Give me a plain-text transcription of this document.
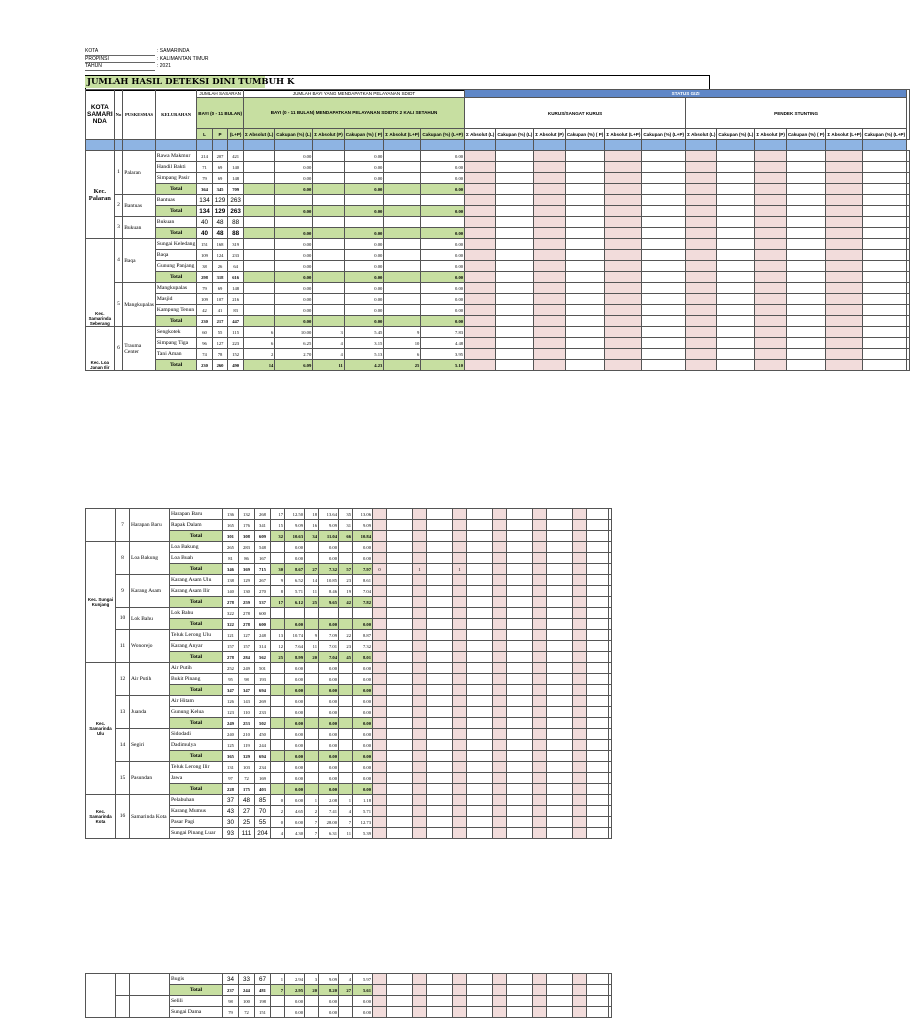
KOTA	: SAMARINDA
PROPINSI	: KALIMANTAN TIMUR
TAHUN	: 2021
JUMLAH HASIL DETEKSI DINI TUMBUH K
KOTA SAMARI NDA	No	PUSKESMAS	KELURAHAN	JUMLAH SASARAN			JUMLAH BAYI YANG MENDAPATKAN PELAYANAN SDIDT						STATUS GIZI												
				BAYI (0 - 11 BULAN)			BAYI (0 - 11 BULAN) MENDAPATKAN PELAYANAN SDIDTK 2 KALI SETAHUN						KURUS/SANGAT KURUS						PENDEK STUNTING						
				L	P	(L+P)	Σ Absolut (L)	Cakupan (%) (L)	Σ Absolut (P)	Cakupan (%) ( P)	Σ Absolut (L+P)	Cakupan (%) (L+P)	Σ Absolut (L)	Cakupan (%) (L)	Σ Absolut (P)	Cakupan (%) ( P)	Σ Absolut (L+P)	Cakupan (%) (L+P)	Σ Absolut (L)	Cakupan (%) (L)	Σ Absolut (P)	Cakupan (%) ( P)	Σ Absolut (L+P)	Cakupan (%) (L+P)	

Kec. Palaran	1	Palaran	Rawa Makmur	214	207	421		0.00		0.00		0.00													
			Handil Bakti	71	69	140		0.00		0.00		0.00													
			Simpang Pasir	79	69	148		0.00		0.00		0.00													
			Total	364	345	709		0.00		0.00		0.00													
	2	Bantuas	Bantuas	134	129	263																			
			Total	134	129	263		0.00		0.00		0.00													
	3	Bukuan	Bukuan	40	48	88																			
			Total	40	48	88		0.00		0.00		0.00													
Kec. Samarinda Seberang	4	Baqa	Sungai Keledang	151	168	319		0.00		0.00		0.00													
			Baqa	109	124	233		0.00		0.00		0.00													
			Gunung Panjang	38	26	64		0.00		0.00		0.00													
			Total	298	318	616		0.00		0.00		0.00													
	5	Mangkupalas	Mangkupalas	79	69	148		0.00		0.00		0.00													
			Masjid	109	107	216		0.00		0.00		0.00													
			Kampung Tenun	42	41	83		0.00		0.00		0.00													
			Total	230	217	447		0.00		0.00		0.00													
Kec. Loa Janan Ilir	6	Trauma Center	Sengkotek	60	55	115	6	10.00	3	5.45	9	7.83													
			Simpang Tiga	96	127	223	6	6.25	4	3.15	10	4.48													
			Tani Aman	74	78	152	2	2.70	4	5.13	6	3.95													
			Total	230	260	490	14	6.09	11	4.23	25	5.10													
	7	Harapan Baru	Harapan Baru	136	132	268	17	12.50	18	13.64	35	13.06													
			Rapak Dalam	165	176	341	15	9.09	16	9.09	31	9.09													
			Total	301	308	609	32	10.63	34	11.04	66	10.84													
Kec. Sungai Kunjang	8	Loa Bakung	Loa Bakung	265	283	548		0.00		0.00		0.00													
			Loa Buah	81	86	167		0.00		0.00		0.00													
			Total	346	369	715	30	8.67	27	7.32	57	7.97	0		1		1								
	9	Karang Asam	Karang Asam Ulu	138	129	267	9	6.52	14	10.85	23	8.61													
			Karang Asam Ilir	140	130	270	8	5.71	11	8.46	19	7.04													
			Total	278	259	537	17	6.12	25	9.65	42	7.82													
	10	Lok Bahu	Lok Bahu	322	278	600																			
			Total	322	278	600		0.00		0.00		0.00													
	11	Wonorejo	Teluk Lerong Ulu	121	127	248	13	10.74	9	7.09	22	8.87													
			Karang Anyar	157	157	314	12	7.64	11	7.01	23	7.32													
			Total	278	284	562	25	8.99	20	7.04	45	8.01													
Kec. Samarinda Ulu	12	Air Putih	Air Putih	252	249	501		0.00		0.00		0.00													
			Bukit Pinang	95	98	193		0.00		0.00		0.00													
			Total	347	347	694		0.00		0.00		0.00													
	13	Juanda	Air Hitam	126	143	269		0.00		0.00		0.00													
			Gunung Kelua	123	110	233		0.00		0.00		0.00													
			Total	249	253	502		0.00		0.00		0.00													
	14	Segiri	Sidodadi	240	210	450		0.00		0.00		0.00													
			Dadimulya	125	119	244		0.00		0.00		0.00													
			Total	365	329	694		0.00		0.00		0.00													
	15	Pasundan	Teluk Lerong Ilir	131	103	234		0.00		0.00		0.00													
			Jawa	97	72	169		0.00		0.00		0.00													
			Total	228	175	403		0.00		0.00		0.00													
Kec. Samarinda Kota	16	Samarinda Kota	Pelabuhan	37	48	85	0	0.00	1	2.08	1	1.18													
			Karang Mumus	43	27	70	2	4.65	2	7.41	4	5.71													
			Pasar Pagi	30	25	55	0	0.00	7	28.00	7	12.73													
			Sungai Pinang Luar	93	111	204	4	4.30	7	6.31	11	5.39													
			Bugis	34	33	67	1	2.94	3	9.09	4	5.97													
			Total	237	244	481	7	2.95	20	8.20	27	5.61													
			Selili	98	100	198		0.00		0.00		0.00													
			Sungai Dama	79	72	151		0.00		0.00		0.00													
